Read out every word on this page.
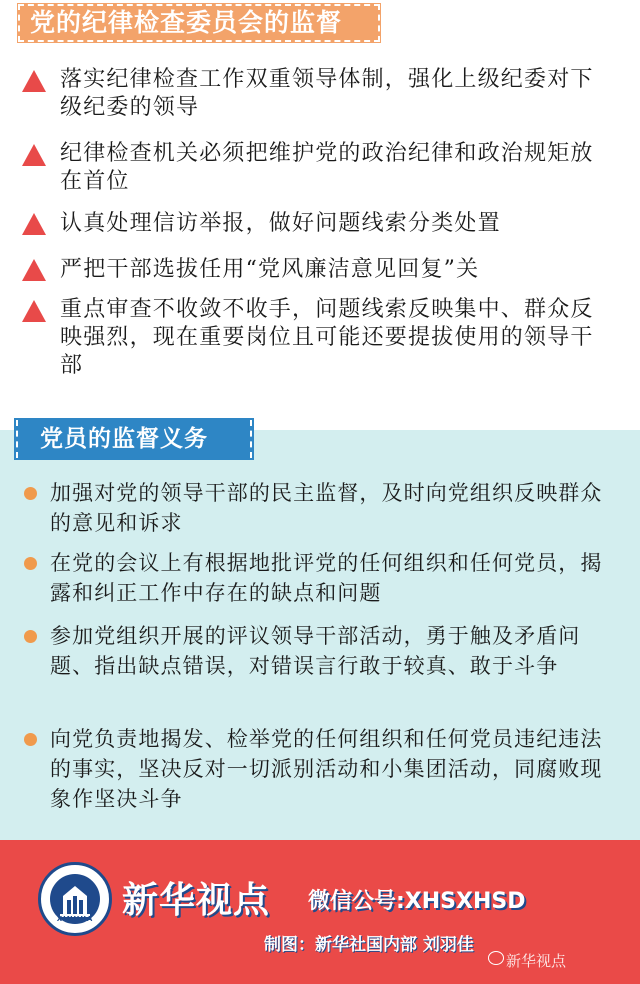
党的纪律检查委员会的监督
落实纪律检查工作双重领导体制，强化上级纪委对下级纪委的领导
纪律检查机关必须把维护党的政治纪律和政治规矩放在首位
认真处理信访举报，做好问题线索分类处置
严把干部选拔任用“党风廉洁意见回复”关
重点审查不收敛不收手，问题线索反映集中、群众反映强烈，现在重要岗位且可能还要提拔使用的领导干部
党员的监督义务
加强对党的领导干部的民主监督，及时向党组织反映群众的意见和诉求
在党的会议上有根据地批评党的任何组织和任何党员，揭露和纠正工作中存在的缺点和问题
参加党组织开展的评议领导干部活动，勇于触及矛盾问题、指出缺点错误，对错误言行敢于较真、敢于斗争
向党负责地揭发、检举党的任何组织和任何党员违纪违法的事实，坚决反对一切派别活动和小集团活动，同腐败现象作坚决斗争
XINHUA 新华视点 微信公号:XHSXHSD
制图：新华社国内部 刘羽佳
新华视点
